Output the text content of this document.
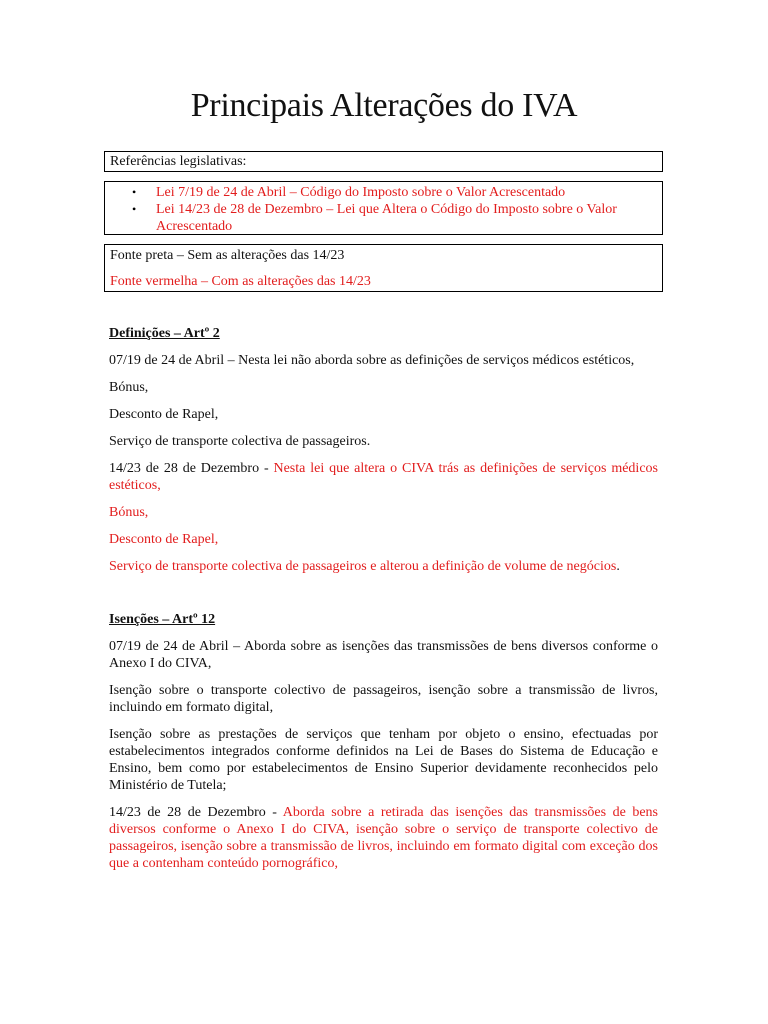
Principais Alterações do IVA
Referências legislativas:
• Lei 7/19 de 24 de Abril – Código do Imposto sobre o Valor Acrescentado
• Lei 14/23 de 28 de Dezembro – Lei que Altera o Código do Imposto sobre o Valor Acrescentado

Fonte preta – Sem as alterações das 14/23

Fonte vermelha – Com as alterações das 14/23

Definições – Artº 2

07/19 de 24 de Abril – Nesta lei não aborda sobre as definições de serviços médicos estéticos,

Bónus,

Desconto de Rapel,

Serviço de transporte colectiva de passageiros.

14/23 de 28 de Dezembro - Nesta lei que altera o CIVA trás as definições de serviços médicos estéticos,

Bónus,

Desconto de Rapel,

Serviço de transporte colectiva de passageiros e alterou a definição de volume de negócios.

Isenções – Artº 12

07/19 de 24 de Abril – Aborda sobre as isenções das transmissões de bens diversos conforme o Anexo I do CIVA,

Isenção sobre o transporte colectivo de passageiros, isenção sobre a transmissão de livros, incluindo em formato digital,

Isenção sobre as prestações de serviços que tenham por objeto o ensino, efectuadas por estabelecimentos integrados conforme definidos na Lei de Bases do Sistema de Educação e Ensino, bem como por estabelecimentos de Ensino Superior devidamente reconhecidos pelo Ministério de Tutela;

14/23 de 28 de Dezembro - Aborda sobre a retirada das isenções das transmissões de bens diversos conforme o Anexo I do CIVA, isenção sobre o serviço de transporte colectivo de passageiros, isenção sobre a transmissão de livros, incluindo em formato digital com exceção dos que a contenham conteúdo pornográfico,
